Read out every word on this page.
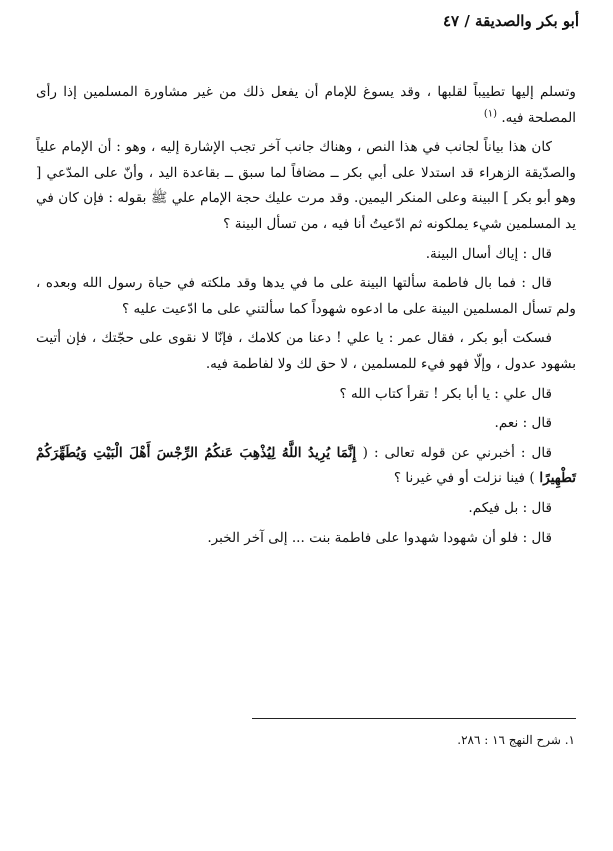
أبو بكر والصديقة / ٤٧

وتسلم إليها تطييباً لقلبها ، وقد يسوغ للإمام أن يفعل ذلك من غير مشاورة المسلمين إذا رأى المصلحة فيه. $^{(١)}$

كان هذا بياناً لجانب في هذا النص ، وهناك جانب آخر تجب الإشارة إليه ، وهو : أن الإمام علياً والصدّيقة الزهراء قد استدلا على أبي بكر ــ مضافاً لما سبق ــ بقاعدة اليد ، وأنّ على المدّعي [ وهو أبو بكر ] البينة وعلى المنكر اليمين. وقد مرت عليك حجة الإمام علي ﷺ بقوله : فإن كان في يد المسلمين شيء يملكونه ثم ادّعيتُ أنا فيه ، من تسأل البينة ؟

قال : إياك أسال البينة.

قال : فما بال فاطمة سألتها البينة على ما في يدها وقد ملكته في حياة رسول الله وبعده ، ولم تسأل المسلمين البينة على ما ادعوه شهوداً كما سألتني على ما ادّعيت عليه ؟

فسكت أبو بكر ، فقال عمر : يا علي ! دعنا من كلامك ، فإنّا لا نقوى على حجّتك ، فإن أتيت بشهود عدول ، وإلّا فهو فيء للمسلمين ، لا حق لك ولا لفاطمة فيه.

قال علي : يا أبا بكر ! تقرأ كتاب الله ؟

قال : نعم.

قال : أخبرني عن قوله تعالى : ( إِنَّمَا يُرِيدُ اللَّهُ لِيُذْهِبَ عَنكُمُ الرِّجْسَ أَهْلَ الْبَيْتِ وَيُطَهِّرَكُمْ تَطْهِيرًا ) فينا نزلت أو في غيرنا ؟

قال : بل فيكم.

قال : فلو أن شهودا شهدوا على فاطمة بنت ... إلى آخر الخبر.

١. شرح النهج ١٦ : ٢٨٦.
